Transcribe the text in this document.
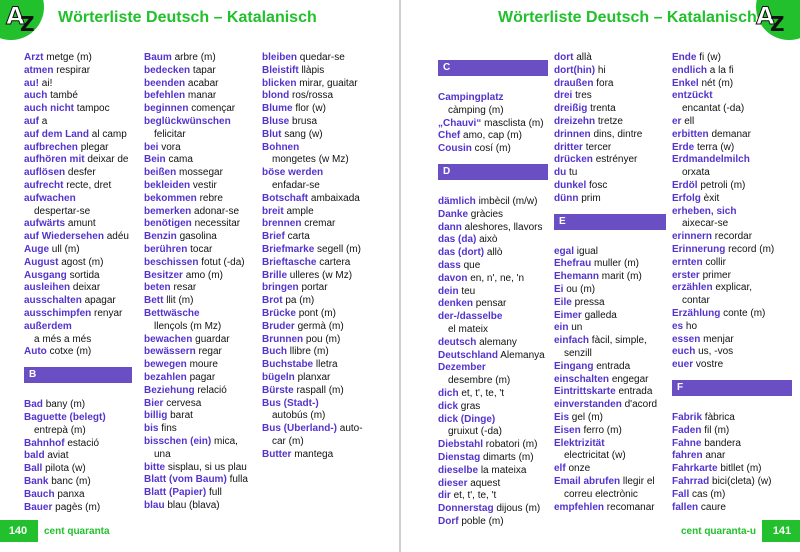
A
Z Wörterliste Deutsch – Katalanisch
Arzt metge (m)
atmen respirar
au! ai!
auch també
auch nicht tampoc
auf a
auf dem Land al camp
aufbrechen plegar
aufhören mit deixar de
auflösen desfer
aufrecht recte, dret
aufwachen
despertar-se
aufwärts amunt
auf Wiedersehen adéu
Auge ull (m)
August agost (m)
Ausgang sortida
ausleihen deixar
ausschalten apagar
ausschimpfen renyar
außerdem
a més a més
Auto cotxe (m)
B
Bad bany (m)
Baguette (belegt)
entrepà (m)
Bahnhof estació
bald aviat
Ball pilota (w)
Bank banc (m)
Bauch panxa
Bauer pagès (m)
Baum arbre (m)
bedecken tapar
beenden acabar
befehlen manar
beginnen començar
beglückwünschen
felicitar
bei vora
Bein cama
beißen mossegar
bekleiden vestir
bekommen rebre
bemerken adonar-se
benötigen necessitar
Benzin gasolina
berühren tocar
beschissen fotut (-da)
Besitzer amo (m)
beten resar
Bett llit (m)
Bettwäsche
llençols (m Mz)
bewachen guardar
bewässern regar
bewegen moure
bezahlen pagar
Beziehung relació
Bier cervesa
billig barat
bis fins
bisschen (ein) mica,
una
bitte sisplau, si us plau
Blatt (vom Baum) fulla
Blatt (Papier) full
blau blau (blava)
bleiben quedar-se
Bleistift llàpis
blicken mirar, guaitar
blond ros/rossa
Blume flor (w)
Bluse brusa
Blut sang (w)
Bohnen
mongetes (w Mz)
böse werden
enfadar-se
Botschaft ambaixada
breit ample
brennen cremar
Brief carta
Briefmarke segell (m)
Brieftasche cartera
Brille ulleres (w Mz)
bringen portar
Brot pa (m)
Brücke pont (m)
Bruder germà (m)
Brunnen pou (m)
Buch llibre (m)
Buchstabe lletra
bügeln planxar
Bürste raspall (m)
Bus (Stadt-)
autobús (m)
Bus (Überland-) auto-
car (m)
Butter mantega
140	cent quaranta
A
Z
Wörterliste Deutsch – Katalanisch
C
Campingplatz
càmping (m)
„Chauvi“ masclista (m)
Chef amo, cap (m)
Cousin cosí (m)
D
dämlich imbècil (m/w)
Danke gràcies
dann aleshores, llavors
das (da) això
das (dort) allò
dass que
davon en, n', ne, 'n
dein teu
denken pensar
der-/dasselbe
el mateix
deutsch alemany
Deutschland Alemanya
Dezember
desembre (m)
dich et, t', te, 't
dick gras
dick (Dinge)
gruixut (-da)
Diebstahl robatori (m)
Dienstag dimarts (m)
dieselbe la mateixa
dieser aquest
dir et, t', te, 't
Donnerstag dijous (m)
Dorf poble (m)
dort allà
dort(hin) hi
draußen fora
drei tres
dreißig trenta
dreizehn tretze
drinnen dins, dintre
dritter tercer
drücken estrényer
du tu
dunkel fosc
dünn prim
E
egal igual
Ehefrau muller (m)
Ehemann marit (m)
Ei ou (m)
Eile pressa
Eimer galleda
ein un
einfach fàcil, simple,
senzill
Eingang entrada
einschalten engegar
Eintrittskarte entrada
einverstanden d'acord
Eis gel (m)
Eisen ferro (m)
Elektrizität
electricitat (w)
elf onze
Email abrufen llegir el
correu electrònic
empfehlen recomanar
Ende fi (w)
endlich a la fi
Enkel nét (m)
entzückt
encantat (-da)
er ell
erbitten demanar
Erde terra (w)
Erdmandelmilch
orxata
Erdöl petroli (m)
Erfolg èxit
erheben, sich
aixecar-se
erinnern recordar
Erinnerung record (m)
ernten collir
erster primer
erzählen explicar,
contar
Erzählung conte (m)
es ho
essen menjar
euch us, -vos
euer vostre
F
Fabrik fàbrica
Faden fil (m)
Fahne bandera
fahren anar
Fahrkarte bitllet (m)
Fahrrad bici(cleta) (w)
Fall cas (m)
fallen caure
cent quaranta-u	141
